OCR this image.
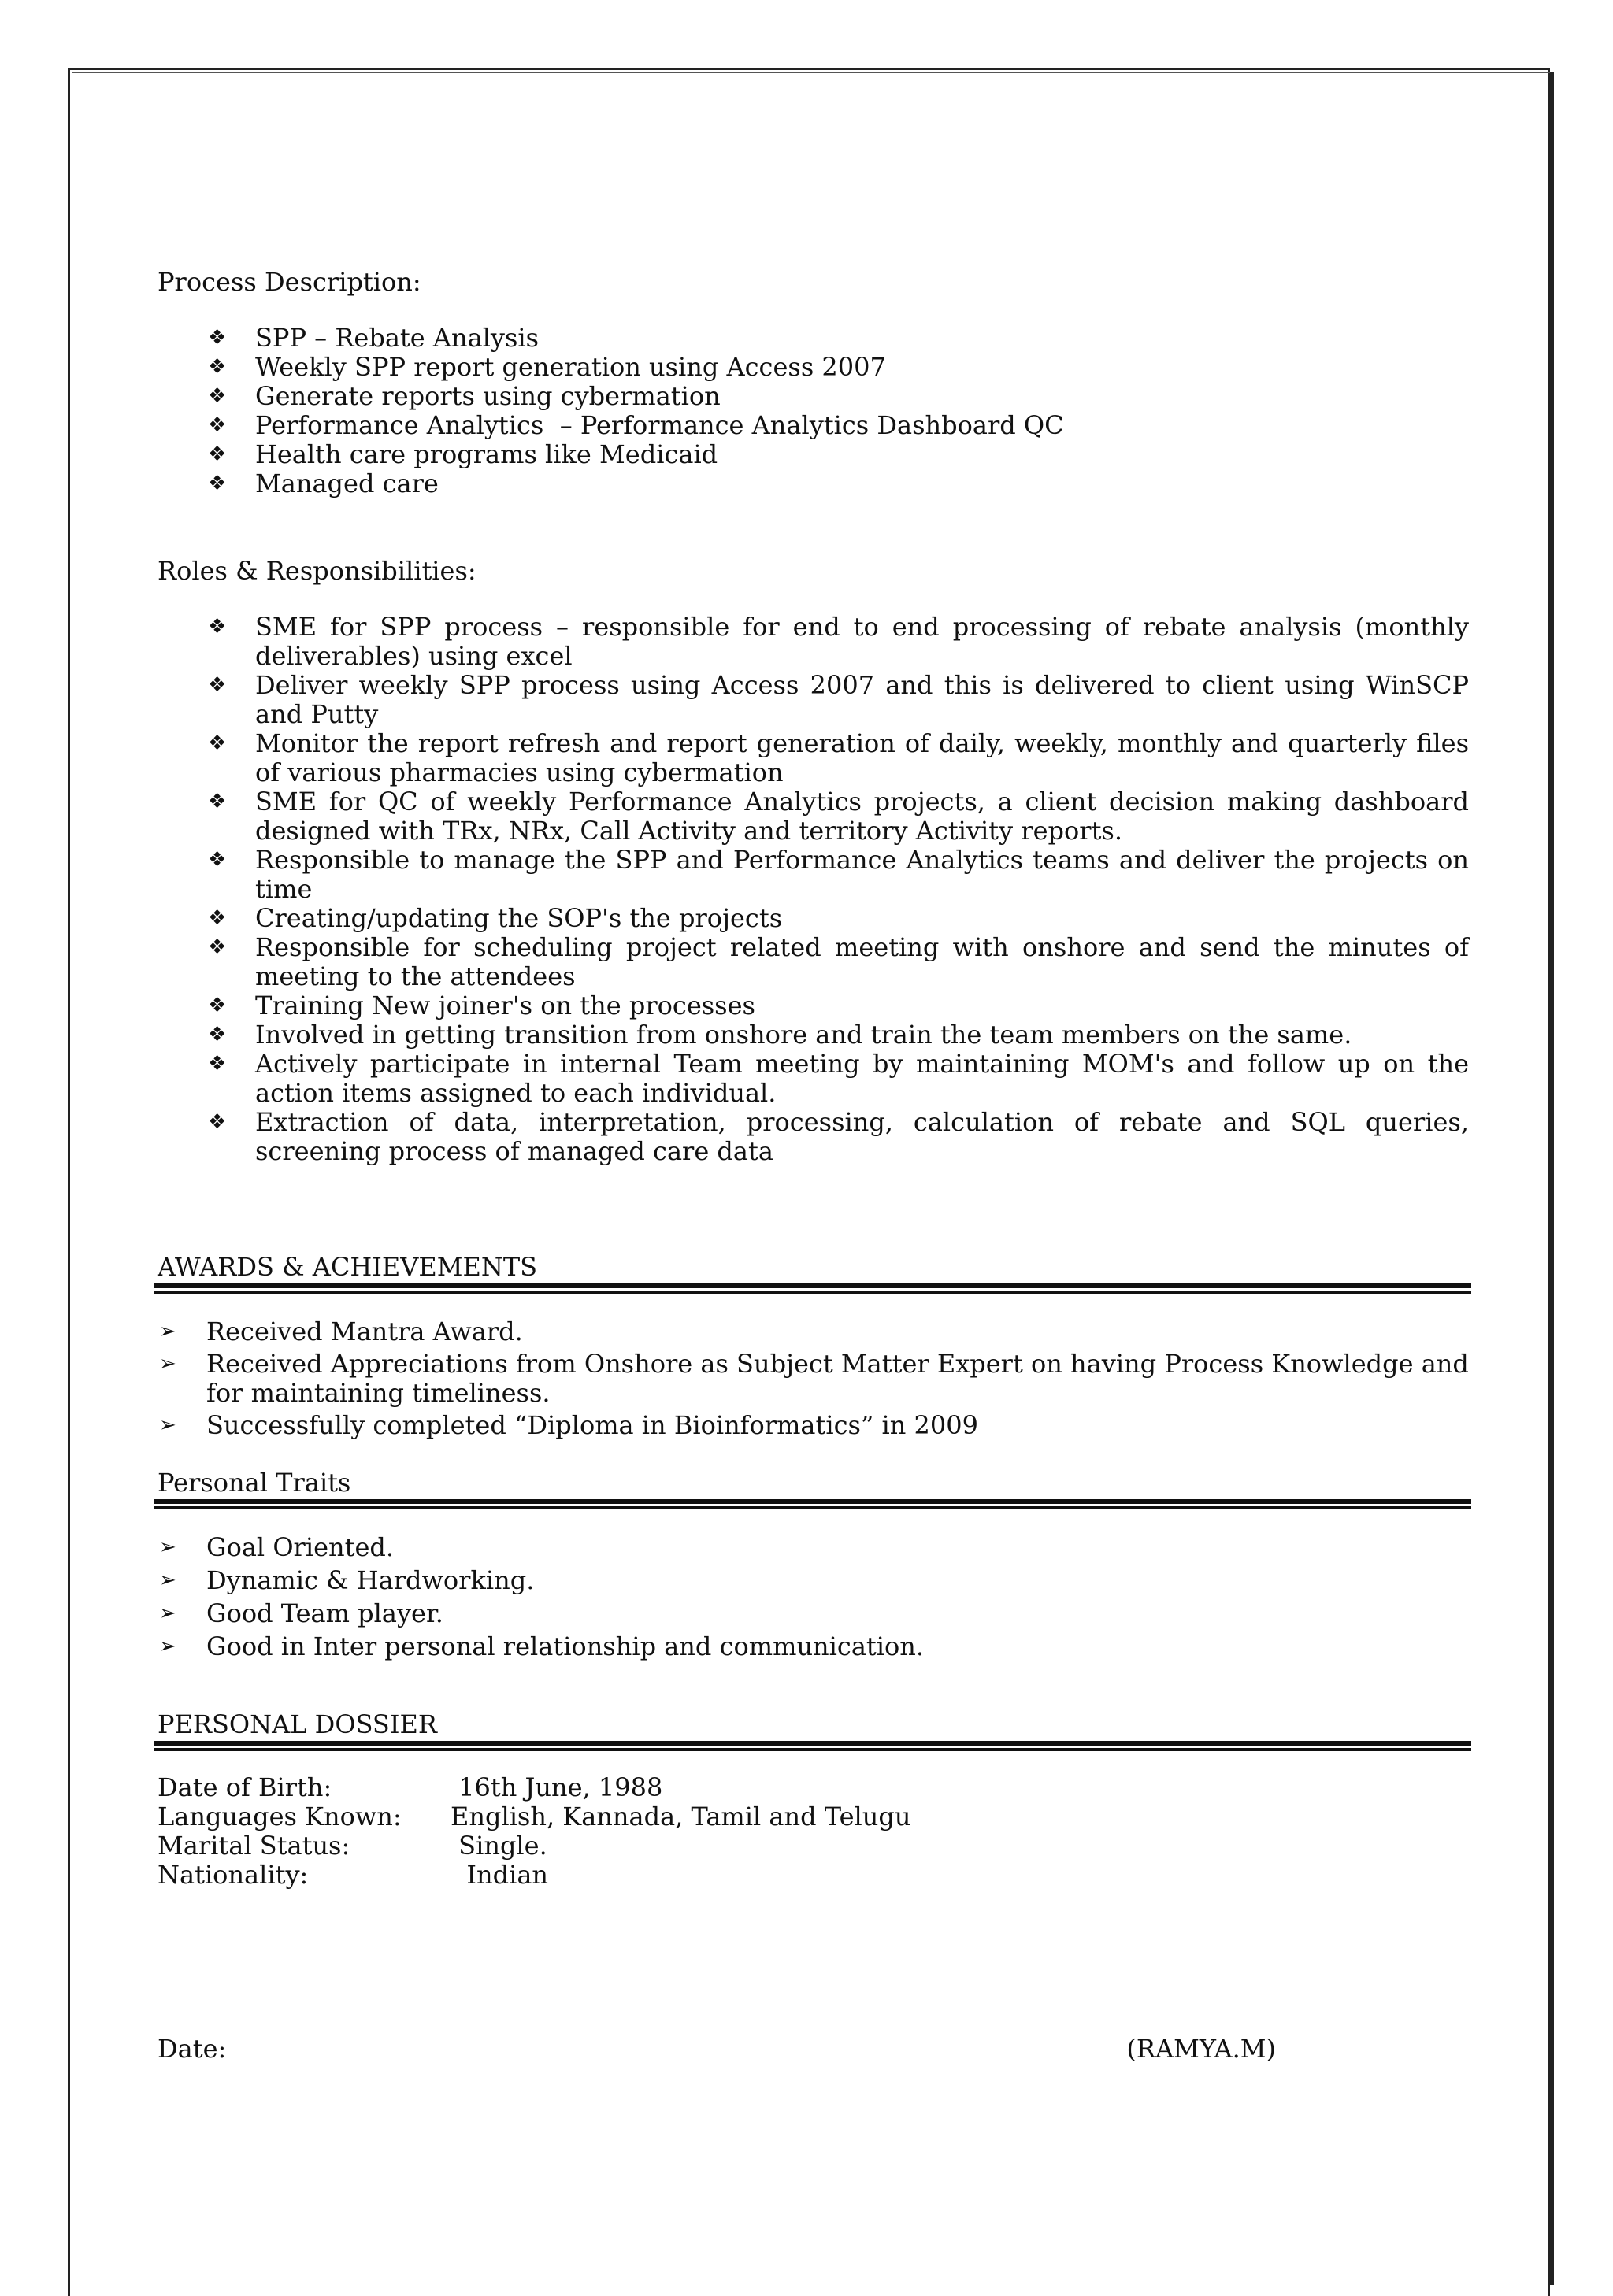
Process Description:

❖ SPP – Rebate Analysis
❖ Weekly SPP report generation using Access 2007
❖ Generate reports using cybermation
❖ Performance Analytics  – Performance Analytics Dashboard QC
❖ Health care programs like Medicaid
❖ Managed care

Roles & Responsibilities:

❖ SME for SPP process – responsible for end to end processing of rebate analysis (monthly deliverables) using excel
❖ Deliver weekly SPP process using Access 2007 and this is delivered to client using WinSCP and Putty
❖ Monitor the report refresh and report generation of daily, weekly, monthly and quarterly files of various pharmacies using cybermation
❖ SME for QC of weekly Performance Analytics projects, a client decision making dashboard designed with TRx, NRx, Call Activity and territory Activity reports.
❖ Responsible to manage the SPP and Performance Analytics teams and deliver the projects on time
❖ Creating/updating the SOP's the projects
❖ Responsible for scheduling project related meeting with onshore and send the minutes of meeting to the attendees
❖ Training New joiner's on the processes
❖ Involved in getting transition from onshore and train the team members on the same.
❖ Actively participate in internal Team meeting by maintaining MOM's and follow up on the action items assigned to each individual.
❖ Extraction of data, interpretation, processing, calculation of rebate and SQL queries, screening process of managed care data

AWARDS & ACHIEVEMENTS

➢ Received Mantra Award.
➢ Received Appreciations from Onshore as Subject Matter Expert on having Process Knowledge and for maintaining timeliness.
➢ Successfully completed “Diploma in Bioinformatics” in 2009

Personal Traits

➢ Goal Oriented.
➢ Dynamic & Hardworking.
➢ Good Team player.
➢ Good in Inter personal relationship and communication.

PERSONAL DOSSIER

Date of Birth:	16th June, 1988
Languages Known:	English, Kannada, Tamil and Telugu
Marital Status:	Single.
Nationality:	Indian
Date:	(RAMYA.M)
